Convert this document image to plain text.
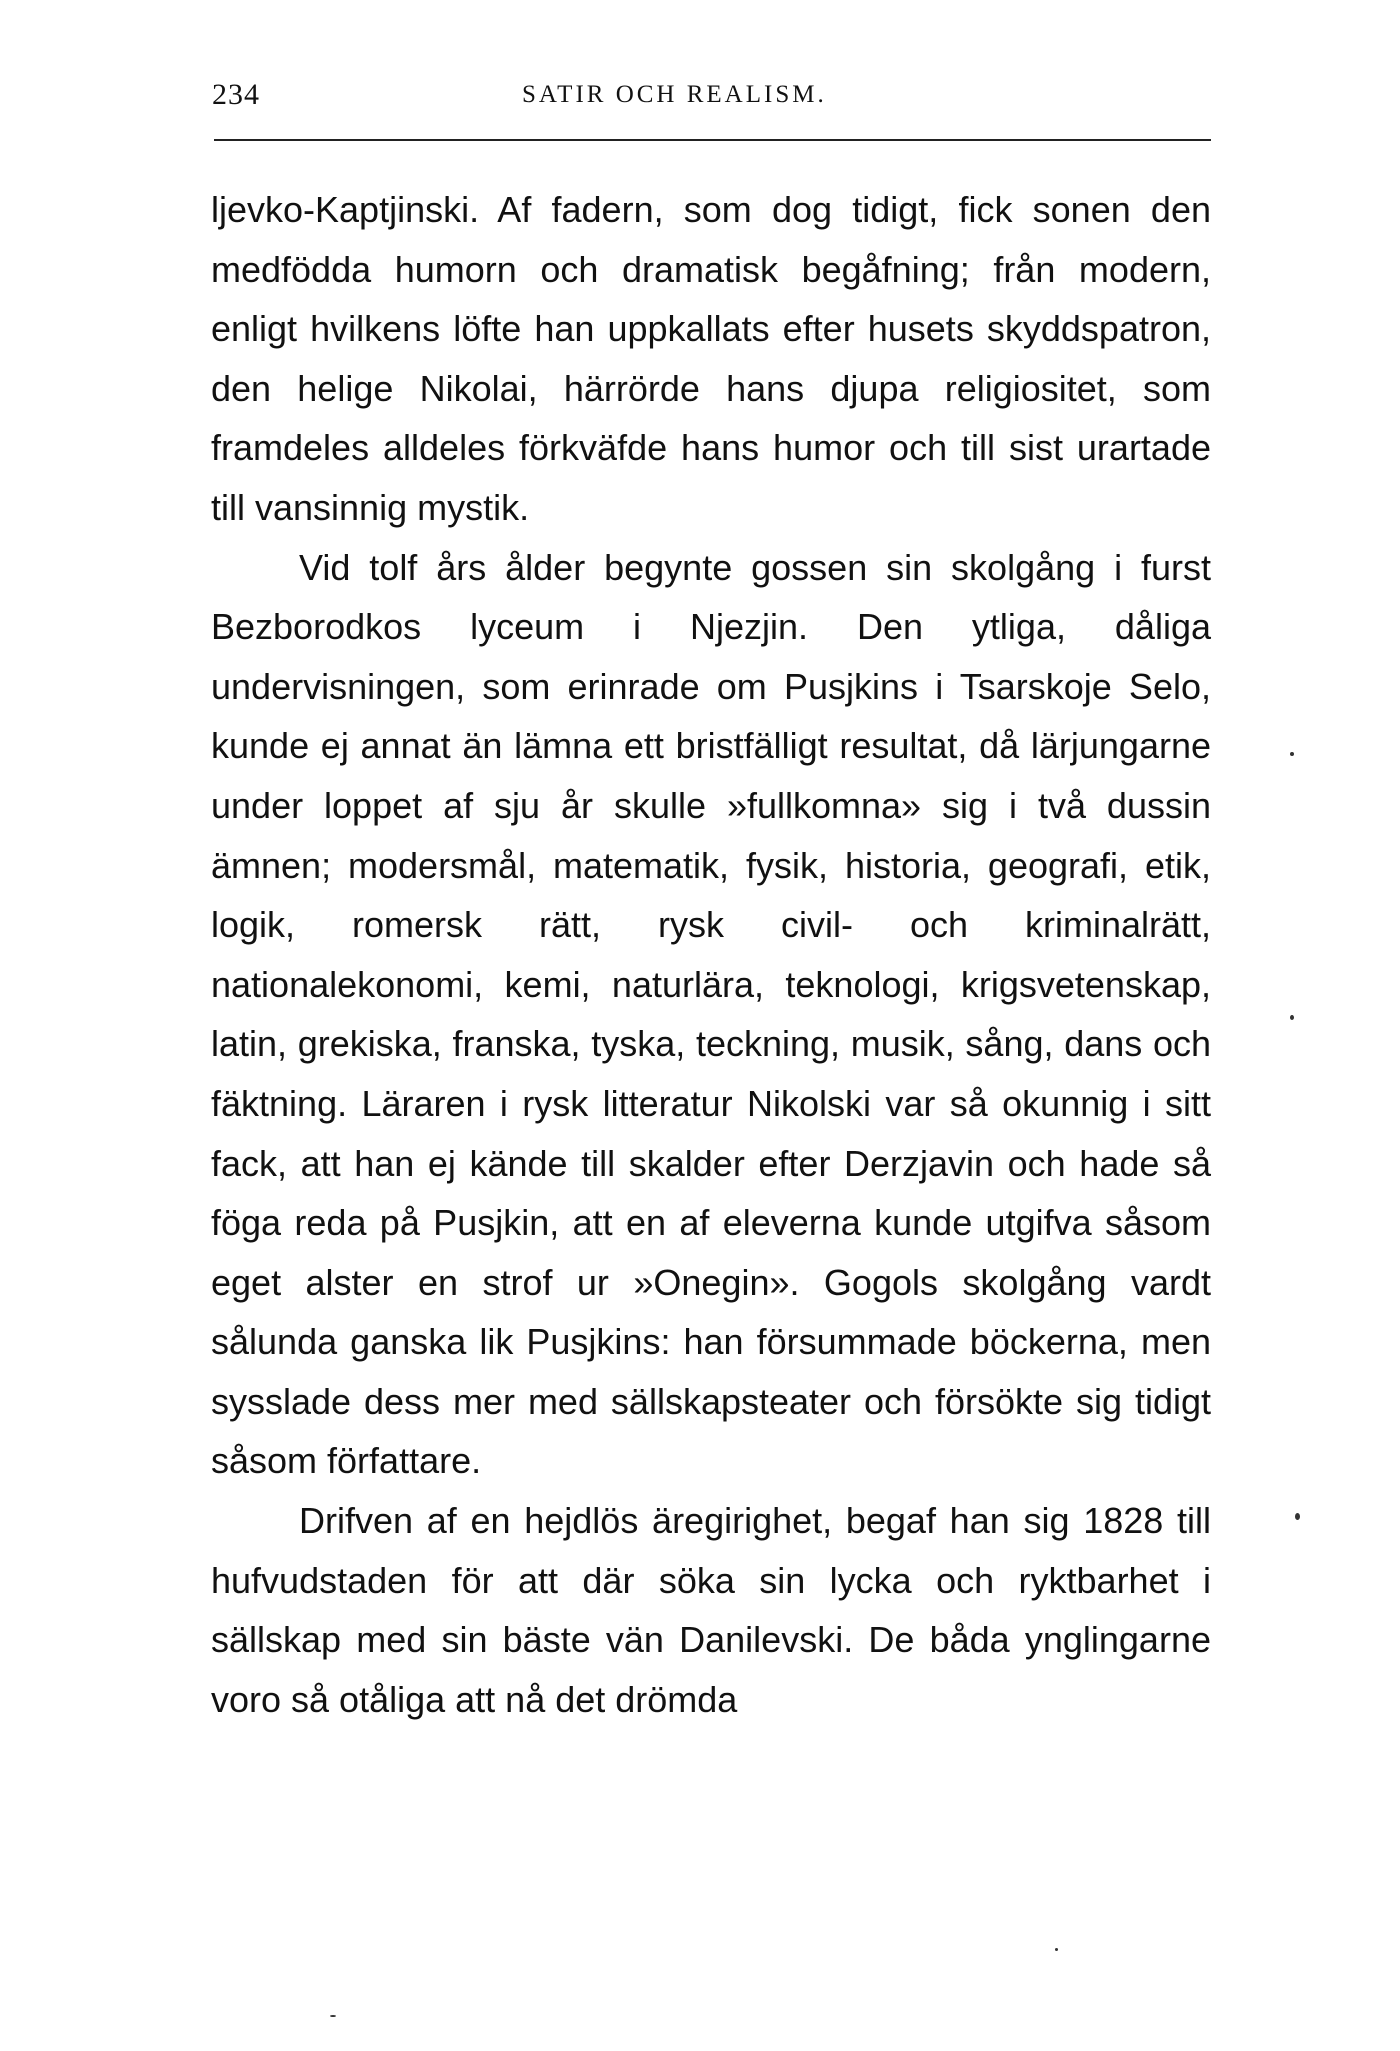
234	SATIR OCH REALISM.

ljevko-Kaptjinski. Af fadern, som dog tidigt, fick sonen den medfödda humorn och dramatisk begåfning; från modern, enligt hvilkens löfte han uppkallats efter husets skyddspatron, den helige Nikolai, härrörde hans djupa religiositet, som framdeles alldeles förkväfde hans humor och till sist urartade till vansinnig mystik.

Vid tolf års ålder begynte gossen sin skolgång i furst Bezborodkos lyceum i Njezjin. Den ytliga, dåliga undervisningen, som erinrade om Pusjkins i Tsarskoje Selo, kunde ej annat än lämna ett bristfälligt resultat, då lärjungarne under loppet af sju år skulle »fullkomna» sig i två dussin ämnen; modersmål, matematik, fysik, historia, geografi, etik, logik, romersk rätt, rysk civil- och kriminalrätt, nationalekonomi, kemi, naturlära, teknologi, krigsvetenskap, latin, grekiska, franska, tyska, teckning, musik, sång, dans och fäktning. Läraren i rysk litteratur Nikolski var så okunnig i sitt fack, att han ej kände till skalder efter Derzjavin och hade så föga reda på Pusjkin, att en af eleverna kunde utgifva såsom eget alster en strof ur »Onegin». Gogols skolgång vardt sålunda ganska lik Pusjkins: han försummade böckerna, men sysslade dess mer med sällskapsteater och försökte sig tidigt såsom författare.

Drifven af en hejdlös äregirighet, begaf han sig 1828 till hufvudstaden för att där söka sin lycka och ryktbarhet i sällskap med sin bäste vän Danilevski. De båda ynglingarne voro så otåliga att nå det drömda
